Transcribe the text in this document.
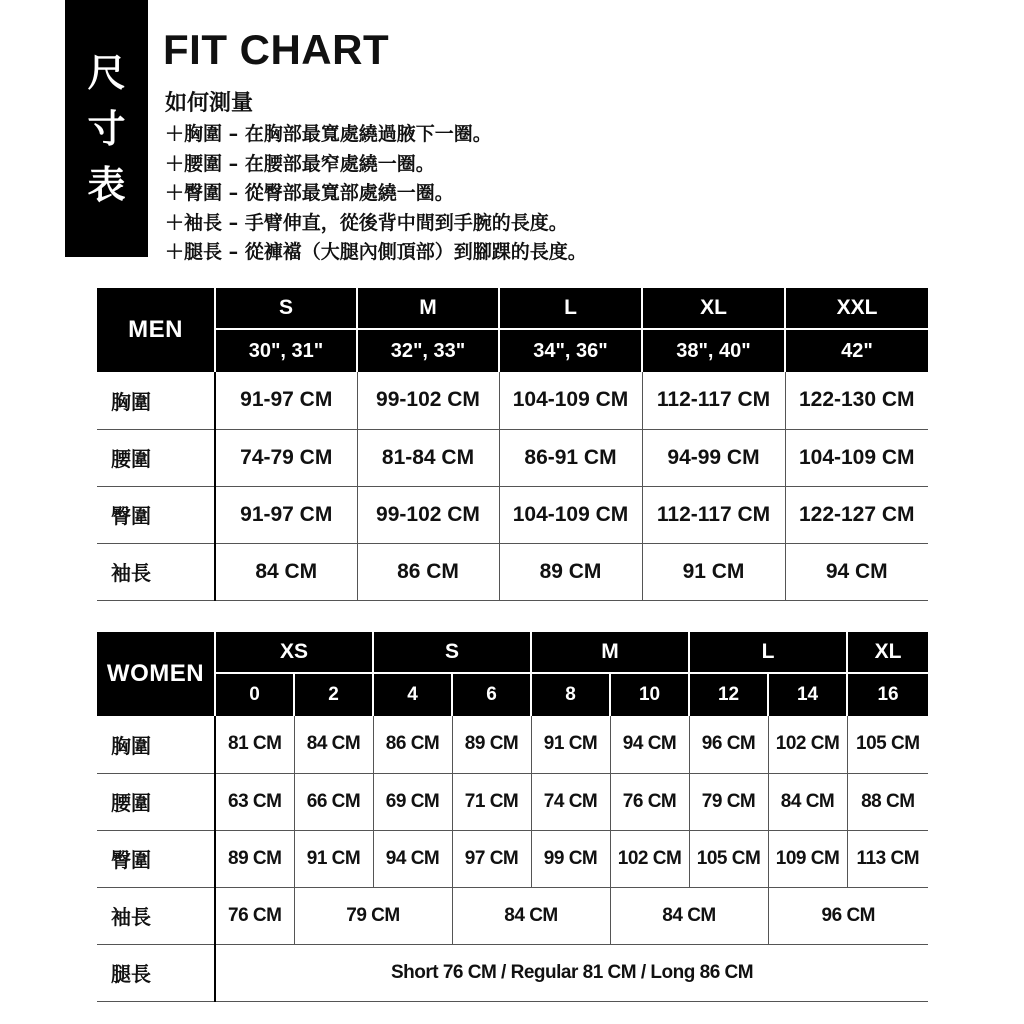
尺
寸
表
FIT CHART
如何測量
＋胸圍 – 在胸部最寬處繞過腋下一圈。
＋腰圍 – 在腰部最窄處繞一圈。
＋臀圍 – 從臀部最寬部處繞一圈。
＋袖長 – 手臂伸直，從後背中間到手腕的長度。
＋腿長 – 從褲襠（大腿內側頂部）到腳踝的長度。
MEN	S	M	L	XL	XXL
	30", 31"	32", 33"	34", 36"	38", 40"	42"
胸圍	91-97 CM	99-102 CM	104-109 CM	112-117 CM	122-130 CM
腰圍	74-79 CM	81-84 CM	86-91 CM	94-99 CM	104-109 CM
臀圍	91-97 CM	99-102 CM	104-109 CM	112-117 CM	122-127 CM
袖長	84 CM	86 CM	89 CM	91 CM	94 CM
WOMEN	XS		S		M		L		XL
	0	2	4	6	8	10	12	14	16
胸圍	81 CM	84 CM	86 CM	89 CM	91 CM	94 CM	96 CM	102 CM	105 CM
腰圍	63 CM	66 CM	69 CM	71 CM	74 CM	76 CM	79 CM	84 CM	88 CM
臀圍	89 CM	91 CM	94 CM	97 CM	99 CM	102 CM	105 CM	109 CM	113 CM
袖長	76 CM	79 CM		84 CM		84 CM		96 CM	
腿長	Short 76 CM / Regular 81 CM / Long 86 CM								
